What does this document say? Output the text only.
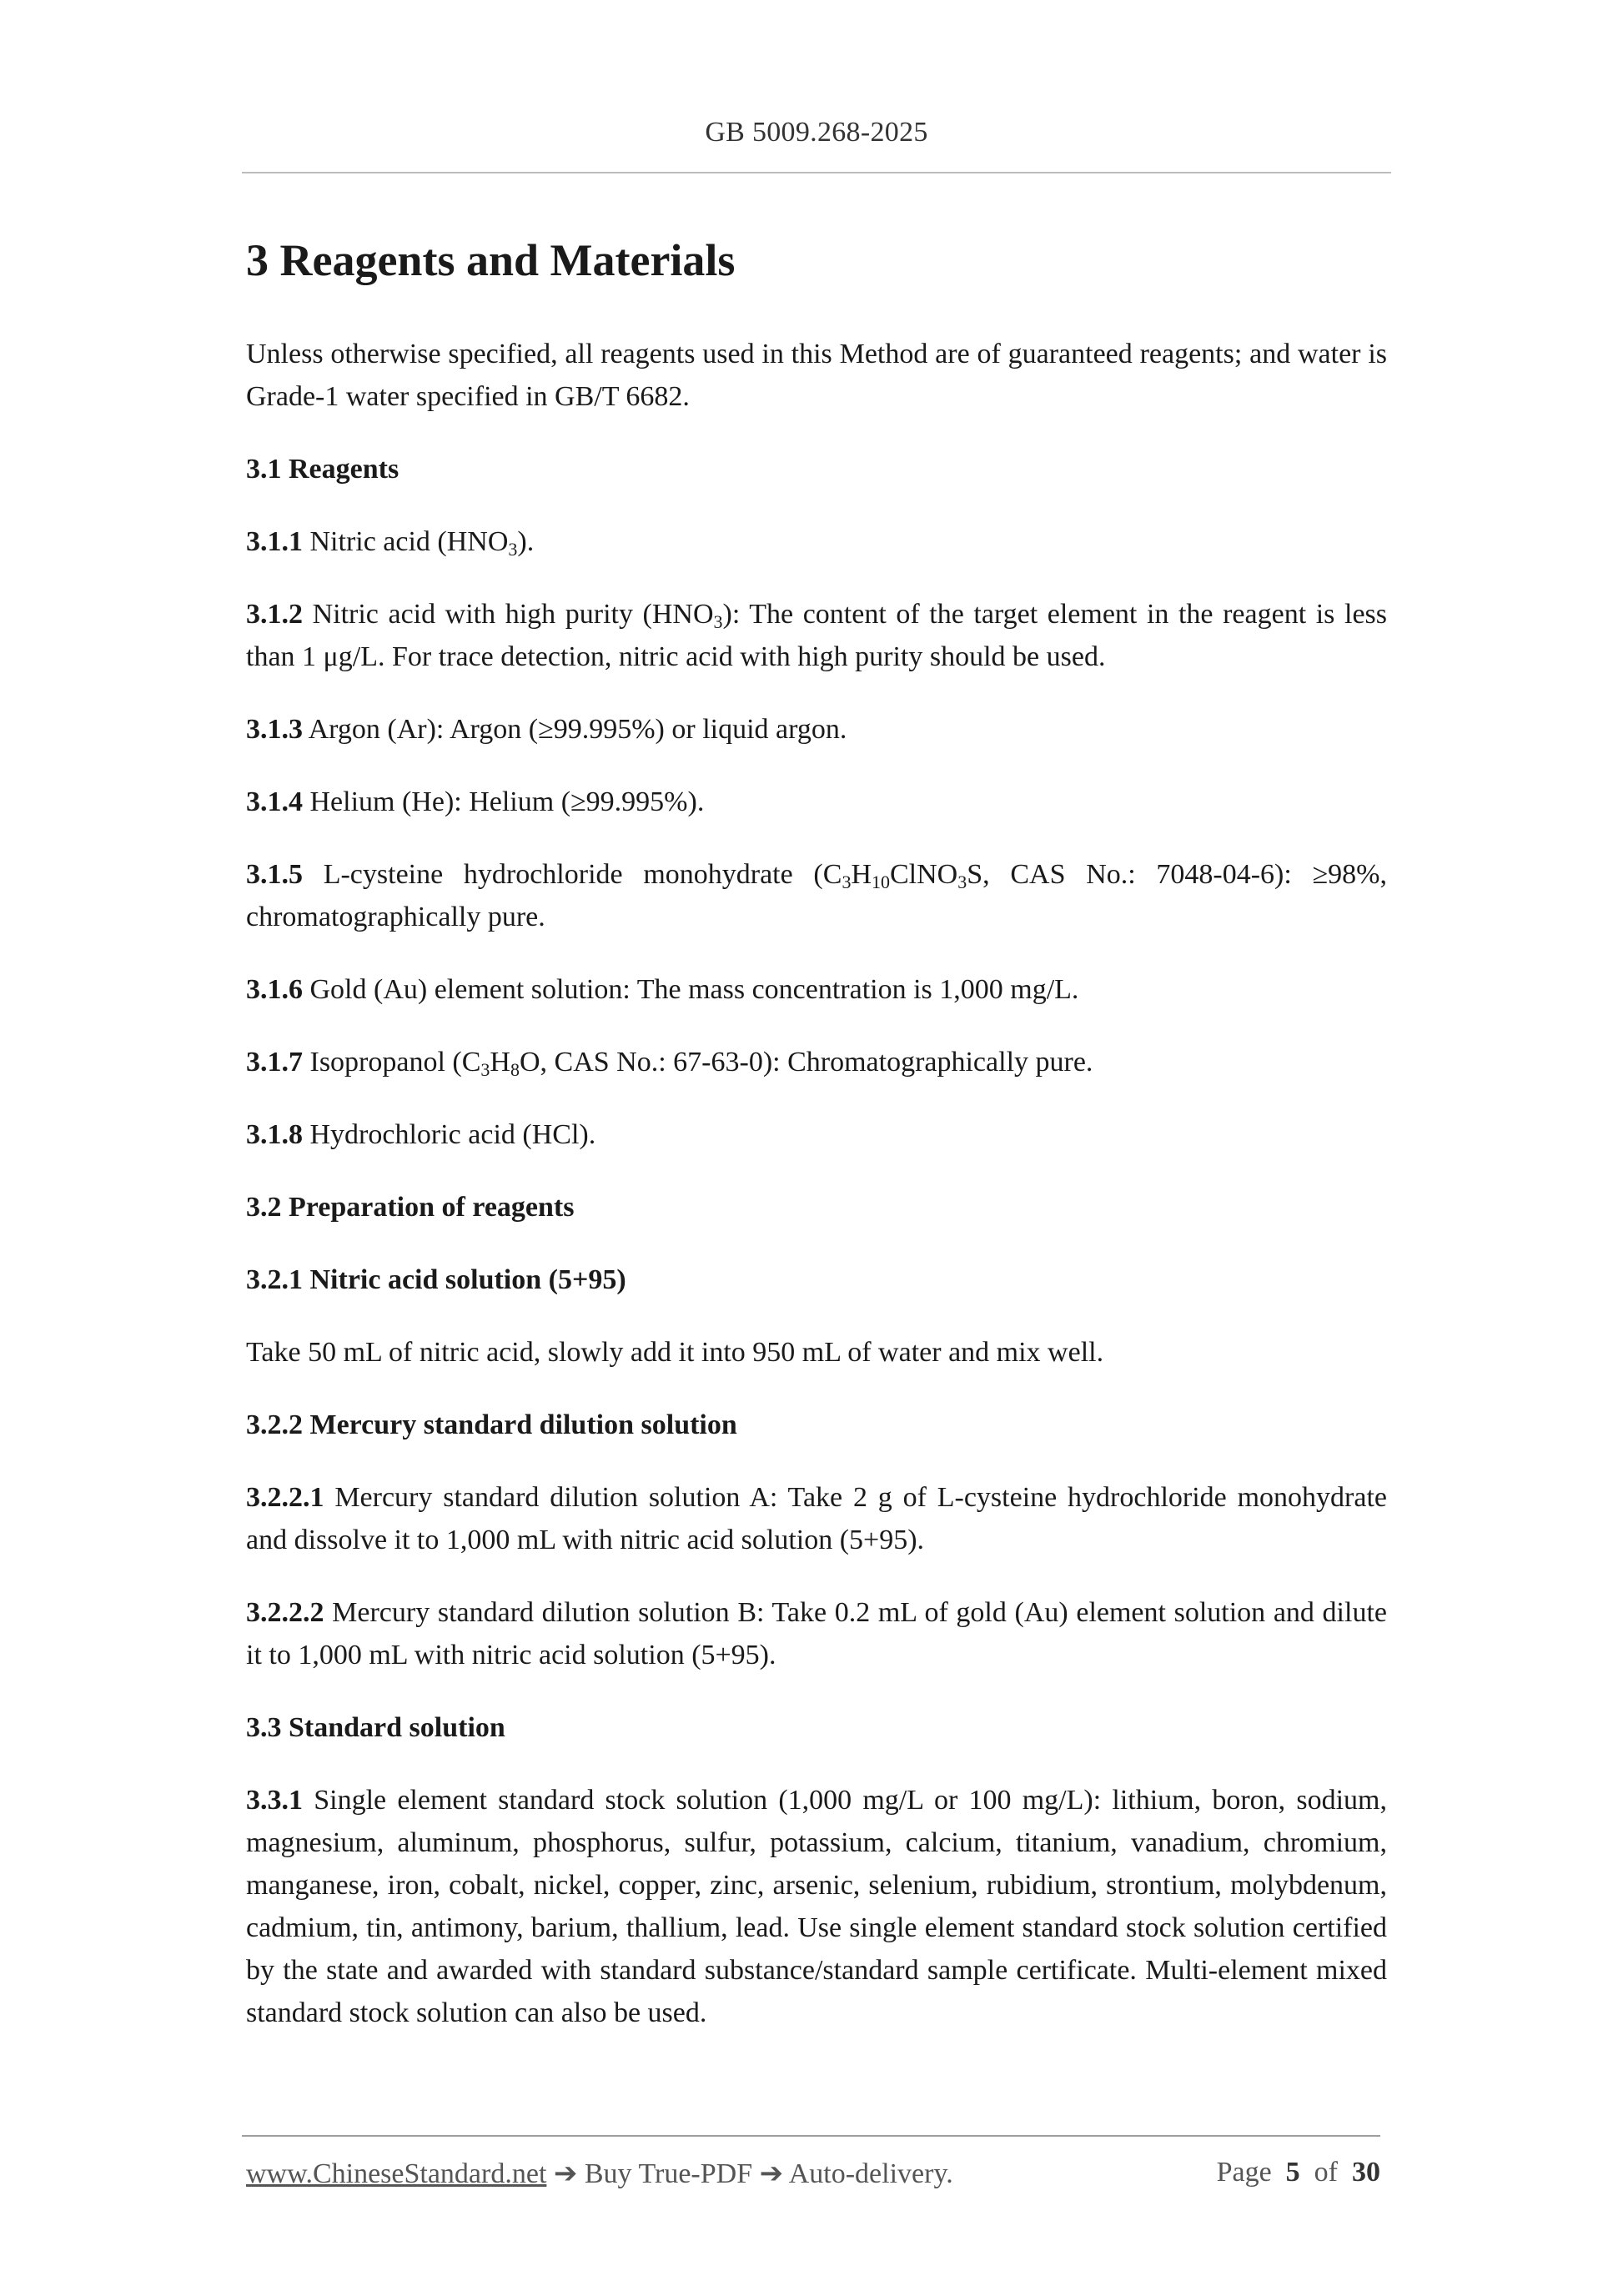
GB 5009.268-2025
3 Reagents and Materials

Unless otherwise specified, all reagents used in this Method are of guaranteed reagents; and water is Grade-1 water specified in GB/T 6682.

3.1 Reagents

3.1.1 Nitric acid $(HNO_3)$.

3.1.2 Nitric acid with high purity $(HNO_3)$: The content of the target element in the reagent is less than 1 μg/L. For trace detection, nitric acid with high purity should be used.

3.1.3 Argon (Ar): Argon (≥99.995%) or liquid argon.

3.1.4 Helium (He): Helium (≥99.995%).

3.1.5 L-cysteine hydrochloride monohydrate ($C_3H_{10}ClNO_3S$, CAS No.: 7048-04-6): ≥98%, chromatographically pure.

3.1.6 Gold (Au) element solution: The mass concentration is 1,000 mg/L.

3.1.7 Isopropanol ($C_3H_8O$, CAS No.: 67-63-0): Chromatographically pure.

3.1.8 Hydrochloric acid (HCl).

3.2 Preparation of reagents

3.2.1 Nitric acid solution (5+95)

Take 50 mL of nitric acid, slowly add it into 950 mL of water and mix well.

3.2.2 Mercury standard dilution solution

3.2.2.1 Mercury standard dilution solution A: Take 2 g of L-cysteine hydrochloride monohydrate and dissolve it to 1,000 mL with nitric acid solution (5+95).

3.2.2.2 Mercury standard dilution solution B: Take 0.2 mL of gold (Au) element solution and dilute it to 1,000 mL with nitric acid solution (5+95).

3.3 Standard solution

3.3.1 Single element standard stock solution (1,000 mg/L or 100 mg/L): lithium, boron, sodium, magnesium, aluminum, phosphorus, sulfur, potassium, calcium, titanium, vanadium, chromium, manganese, iron, cobalt, nickel, copper, zinc, arsenic, selenium, rubidium, strontium, molybdenum, cadmium, tin, antimony, barium, thallium, lead. Use single element standard stock solution certified by the state and awarded with standard substance/standard sample certificate. Multi-element mixed standard stock solution can also be used.

www.ChineseStandard.net ➔ Buy True-PDF ➔ Auto-delivery.	Page 5 of 30
